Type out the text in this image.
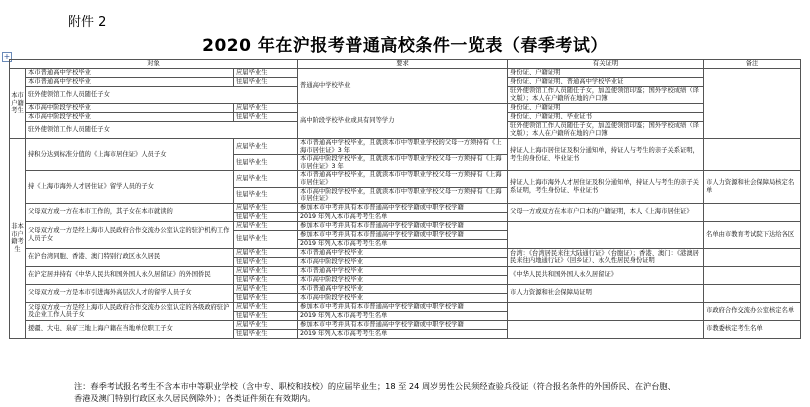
附件 2
2020 年在沪报考普通高校条件一览表（春季考试）
+
对象			要求	有关证明	备注
本市户籍考生	本市普通高中学校毕业	应届毕业生	普通高中学校毕业	身份证、户籍证明	
	本市普通高中学校毕业	往届毕业生		身份证、户籍证明、普通高中学校毕业证	
	驻外使领馆工作人员随任子女			驻外使领馆工作人员随任子女，加盖使领馆印鉴；国外学校成绩（译文版）；本人在户籍所在地的户口簿	
	本市高中阶段学校毕业	应届毕业生	高中阶段学校毕业或具有同等学力	身份证、户籍证明	
	本市高中阶段学校毕业	往届毕业生		身份证、户籍证明、毕业证书	
	驻外使领馆工作人员随任子女			驻外使领馆工作人员随任子女，加盖使领馆印鉴；国外学校成绩（译文版）；本人在户籍所在地的户口簿	
非本市户籍考生	持积分达到标准分值的《上海市居住证》人员子女	应届毕业生	本市普通高中学校毕业，且就读本市中等职业学校的父母一方须持有《上海市居住证》3 年	持证人上海市居住证及积分通知单，持证人与考生的亲子关系证明，考生的身份证、毕业证书	
		往届毕业生	本市高中阶段学校毕业，且就读本市中等职业学校父母一方须持有《上海市居住证》3 年		
	持《上海市海外人才居住证》留学人员的子女	应届毕业生	本市普通高中学校毕业，且就读本市中等职业学校父母一方须持有《上海市居住证》	持证人上海市海外人才居住证及积分通知单，持证人与考生的亲子关系证明，考生身份证、毕业证书	市人力资源和社会保障局核定名单
		往届毕业生	本市高中阶段学校毕业，且就读本市中等职业学校父母一方须持有《上海市居住证》		
	父母双方或一方在本市工作的，其子女在本市就读的	应届毕业生	参加本市中考并具有本市普通高中学校学籍或中职学校学籍	父母一方或双方在本市户口本的户籍证明，本人《上海市居住证》	
		往届毕业生	2019 年列入本市高考考生名单		
	父母双方或一方是经上海市人民政府合作交流办公室认定的驻沪机构工作人员子女	应届毕业生	参加本市中考并具有本市普通高中学校学籍或中职学校学籍		名单由市教育考试院下达给各区
		往届毕业生	参加本市中考并具有本市普通高中学校学籍或中职学校学籍		
			2019 年列入本市高考考生名单		
	在沪台湾同胞、香港、澳门特别行政区永久居民	应届毕业生	本市普通高中学校毕业	台湾：《台湾居民来往大陆通行证》（台胞证）；香港、澳门：《港澳居民来往内地通行证》（回乡证）、永久性居民身份证明	
		往届毕业生	本市高中阶段学校毕业		
	在沪定居并持有《中华人民共和国外国人永久居留证》的外国侨民	应届毕业生	本市普通高中学校毕业	《中华人民共和国外国人永久居留证》	
		往届毕业生	本市高中阶段学校毕业		
	父母双方或一方是本市引进海外高层次人才的留学人员子女	应届毕业生	本市普通高中学校毕业	市人力资源和社会保障局证明	
		往届毕业生	本市高中阶段学校毕业		
	父母双方或一方是经上海市人民政府合作交流办公室认定的各级政府驻沪及企业工作人员子女	应届毕业生	参加本市中考并具有本市普通高中学校学籍或中职学校学籍		市政府合作交流办公室核定名单
		往届毕业生	2019 年列入本市高考考生名单		
	援疆、大屯、泉矿三地上海户籍在当地单位职工子女	应届毕业生	参加本市中考并具有本市普通高中学校学籍或中职学校学籍		市教委核定考生名单
		往届毕业生	2019 年列入本市高考考生名单		
注：春季考试报名考生不含本市中等职业学校（含中专、职校和技校）的应届毕业生；18 至 24 周岁男性公民须经查验兵役证（符合报名条件的外国侨民、在沪台胞、
香港及澳门特别行政区永久居民例除外）；各类证件须在有效期内。
